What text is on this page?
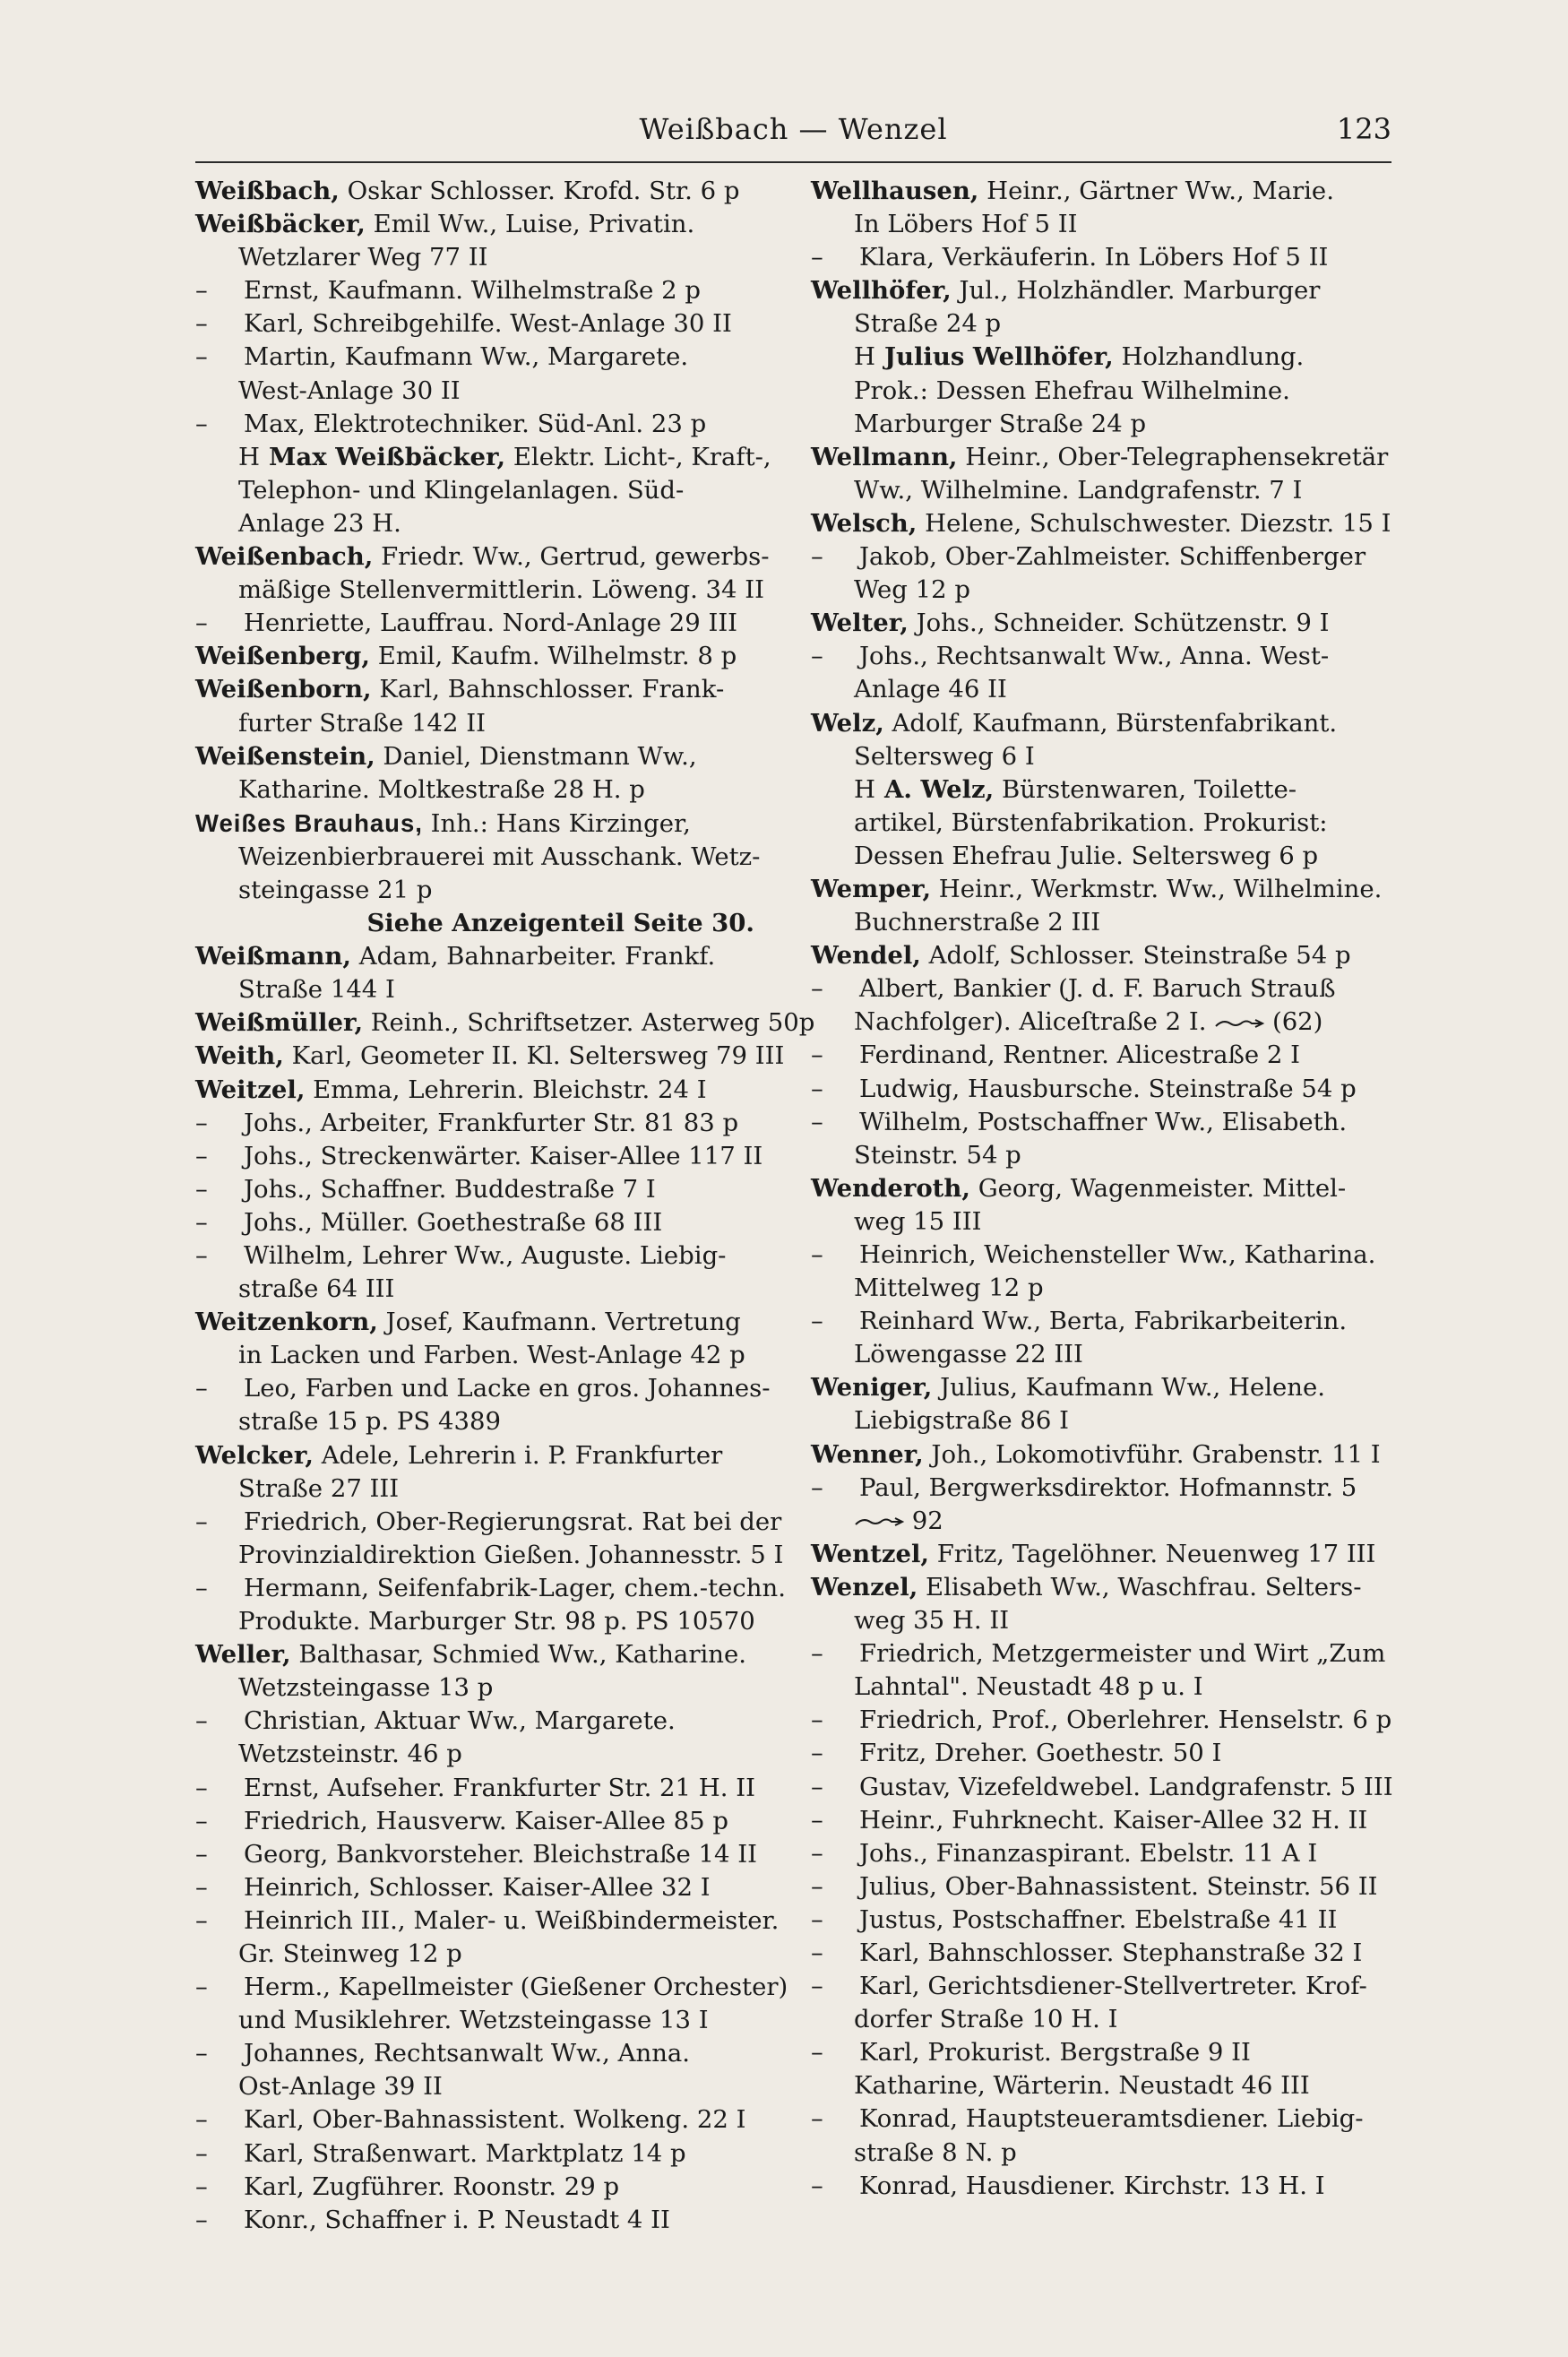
Weißbach — Wenzel	123
Weißbach, Oskar Schlosser. Krofd. Str. 6 p
Weißbäcker, Emil Ww., Luise, Privatin.
Wetzlarer Weg 77 II
– Ernst, Kaufmann. Wilhelmstraße 2 p
– Karl, Schreibgehilfe. West-Anlage 30 II
– Martin, Kaufmann Ww., Margarete.
West-Anlage 30 II
– Max, Elektrotechniker. Süd-Anl. 23 p
H Max Weißbäcker, Elektr. Licht-, Kraft-,
Telephon- und Klingelanlagen. Süd-
Anlage 23 H.
Weißenbach, Friedr. Ww., Gertrud, gewerbs-
mäßige Stellenvermittlerin. Löweng. 34 II
– Henriette, Lauffrau. Nord-Anlage 29 III
Weißenberg, Emil, Kaufm. Wilhelmstr. 8 p
Weißenborn, Karl, Bahnschlosser. Frank-
furter Straße 142 II
Weißenstein, Daniel, Dienstmann Ww.,
Katharine. Moltkestraße 28 H. p
Weißes Brauhaus, Inh.: Hans Kirzinger,
Weizenbierbrauerei mit Ausschank. Wetz-
steingasse 21 p
Siehe Anzeigenteil Seite 30.
Weißmann, Adam, Bahnarbeiter. Frankf.
Straße 144 I
Weißmüller, Reinh., Schriftsetzer. Asterweg 50p
Weith, Karl, Geometer II. Kl. Seltersweg 79 III
Weitzel, Emma, Lehrerin. Bleichstr. 24 I
– Johs., Arbeiter, Frankfurter Str. 81 83 p
– Johs., Streckenwärter. Kaiser-Allee 117 II
– Johs., Schaffner. Buddestraße 7 I
– Johs., Müller. Goethestraße 68 III
– Wilhelm, Lehrer Ww., Auguste. Liebig-
straße 64 III
Weitzenkorn, Josef, Kaufmann. Vertretung
in Lacken und Farben. West-Anlage 42 p
– Leo, Farben und Lacke en gros. Johannes-
straße 15 p. PS 4389
Welcker, Adele, Lehrerin i. P. Frankfurter
Straße 27 III
– Friedrich, Ober-Regierungsrat. Rat bei der
Provinzialdirektion Gießen. Johannesstr. 5 I
– Hermann, Seifenfabrik-Lager, chem.-techn.
Produkte. Marburger Str. 98 p. PS 10570
Weller, Balthasar, Schmied Ww., Katharine.
Wetzsteingasse 13 p
– Christian, Aktuar Ww., Margarete.
Wetzsteinstr. 46 p
– Ernst, Aufseher. Frankfurter Str. 21 H. II
– Friedrich, Hausverw. Kaiser-Allee 85 p
– Georg, Bankvorsteher. Bleichstraße 14 II
– Heinrich, Schlosser. Kaiser-Allee 32 I
– Heinrich III., Maler- u. Weißbindermeister.
Gr. Steinweg 12 p
– Herm., Kapellmeister (Gießener Orchester)
und Musiklehrer. Wetzsteingasse 13 I
– Johannes, Rechtsanwalt Ww., Anna.
Ost-Anlage 39 II
– Karl, Ober-Bahnassistent. Wolkeng. 22 I
– Karl, Straßenwart. Marktplatz 14 p
– Karl, Zugführer. Roonstr. 29 p
– Konr., Schaffner i. P. Neustadt 4 II
Wellhausen, Heinr., Gärtner Ww., Marie.
In Löbers Hof 5 II
– Klara, Verkäuferin. In Löbers Hof 5 II
Wellhöfer, Jul., Holzhändler. Marburger
Straße 24 p
H Julius Wellhöfer, Holzhandlung.
Prok.: Dessen Ehefrau Wilhelmine.
Marburger Straße 24 p
Wellmann, Heinr., Ober-Telegraphensekretär
Ww., Wilhelmine. Landgrafenstr. 7 I
Welsch, Helene, Schulschwester. Diezstr. 15 I
– Jakob, Ober-Zahlmeister. Schiffenberger
Weg 12 p
Welter, Johs., Schneider. Schützenstr. 9 I
– Johs., Rechtsanwalt Ww., Anna. West-
Anlage 46 II
Welz, Adolf, Kaufmann, Bürstenfabrikant.
Seltersweg 6 I
H A. Welz, Bürstenwaren, Toilette-
artikel, Bürstenfabrikation. Prokurist:
Dessen Ehefrau Julie. Seltersweg 6 p
Wemper, Heinr., Werkmstr. Ww., Wilhelmine.
Buchnerstraße 2 III
Wendel, Adolf, Schlosser. Steinstraße 54 p
– Albert, Bankier (J. d. F. Baruch Strauß
Nachfolger). Aliceſtraße 2 I.  (62)
– Ferdinand, Rentner. Alicestraße 2 I
– Ludwig, Hausbursche. Steinstraße 54 p
– Wilhelm, Postschaffner Ww., Elisabeth.
Steinstr. 54 p
Wenderoth, Georg, Wagenmeister. Mittel-
weg 15 III
– Heinrich, Weichensteller Ww., Katharina.
Mittelweg 12 p
– Reinhard Ww., Berta, Fabrikarbeiterin.
Löwengasse 22 III
Weniger, Julius, Kaufmann Ww., Helene.
Liebigstraße 86 I
Wenner, Joh., Lokomotivführ. Grabenstr. 11 I
– Paul, Bergwerksdirektor. Hofmannstr. 5
92
Wentzel, Fritz, Tagelöhner. Neuenweg 17 III
Wenzel, Elisabeth Ww., Waschfrau. Selters-
weg 35 H. II
– Friedrich, Metzgermeister und Wirt „Zum
Lahntal". Neustadt 48 p u. I
– Friedrich, Prof., Oberlehrer. Henselstr. 6 p
– Fritz, Dreher. Goethestr. 50 I
– Gustav, Vizefeldwebel. Landgrafenstr. 5 III
– Heinr., Fuhrknecht. Kaiser-Allee 32 H. II
– Johs., Finanzaspirant. Ebelstr. 11 A I
– Julius, Ober-Bahnassistent. Steinstr. 56 II
– Justus, Postschaffner. Ebelstraße 41 II
– Karl, Bahnschlosser. Stephanstraße 32 I
– Karl, Gerichtsdiener-Stellvertreter. Krof-
dorfer Straße 10 H. I
– Karl, Prokurist. Bergstraße 9 II
Katharine, Wärterin. Neustadt 46 III
– Konrad, Hauptsteueramtsdiener. Liebig-
straße 8 N. p
– Konrad, Hausdiener. Kirchstr. 13 H. I
